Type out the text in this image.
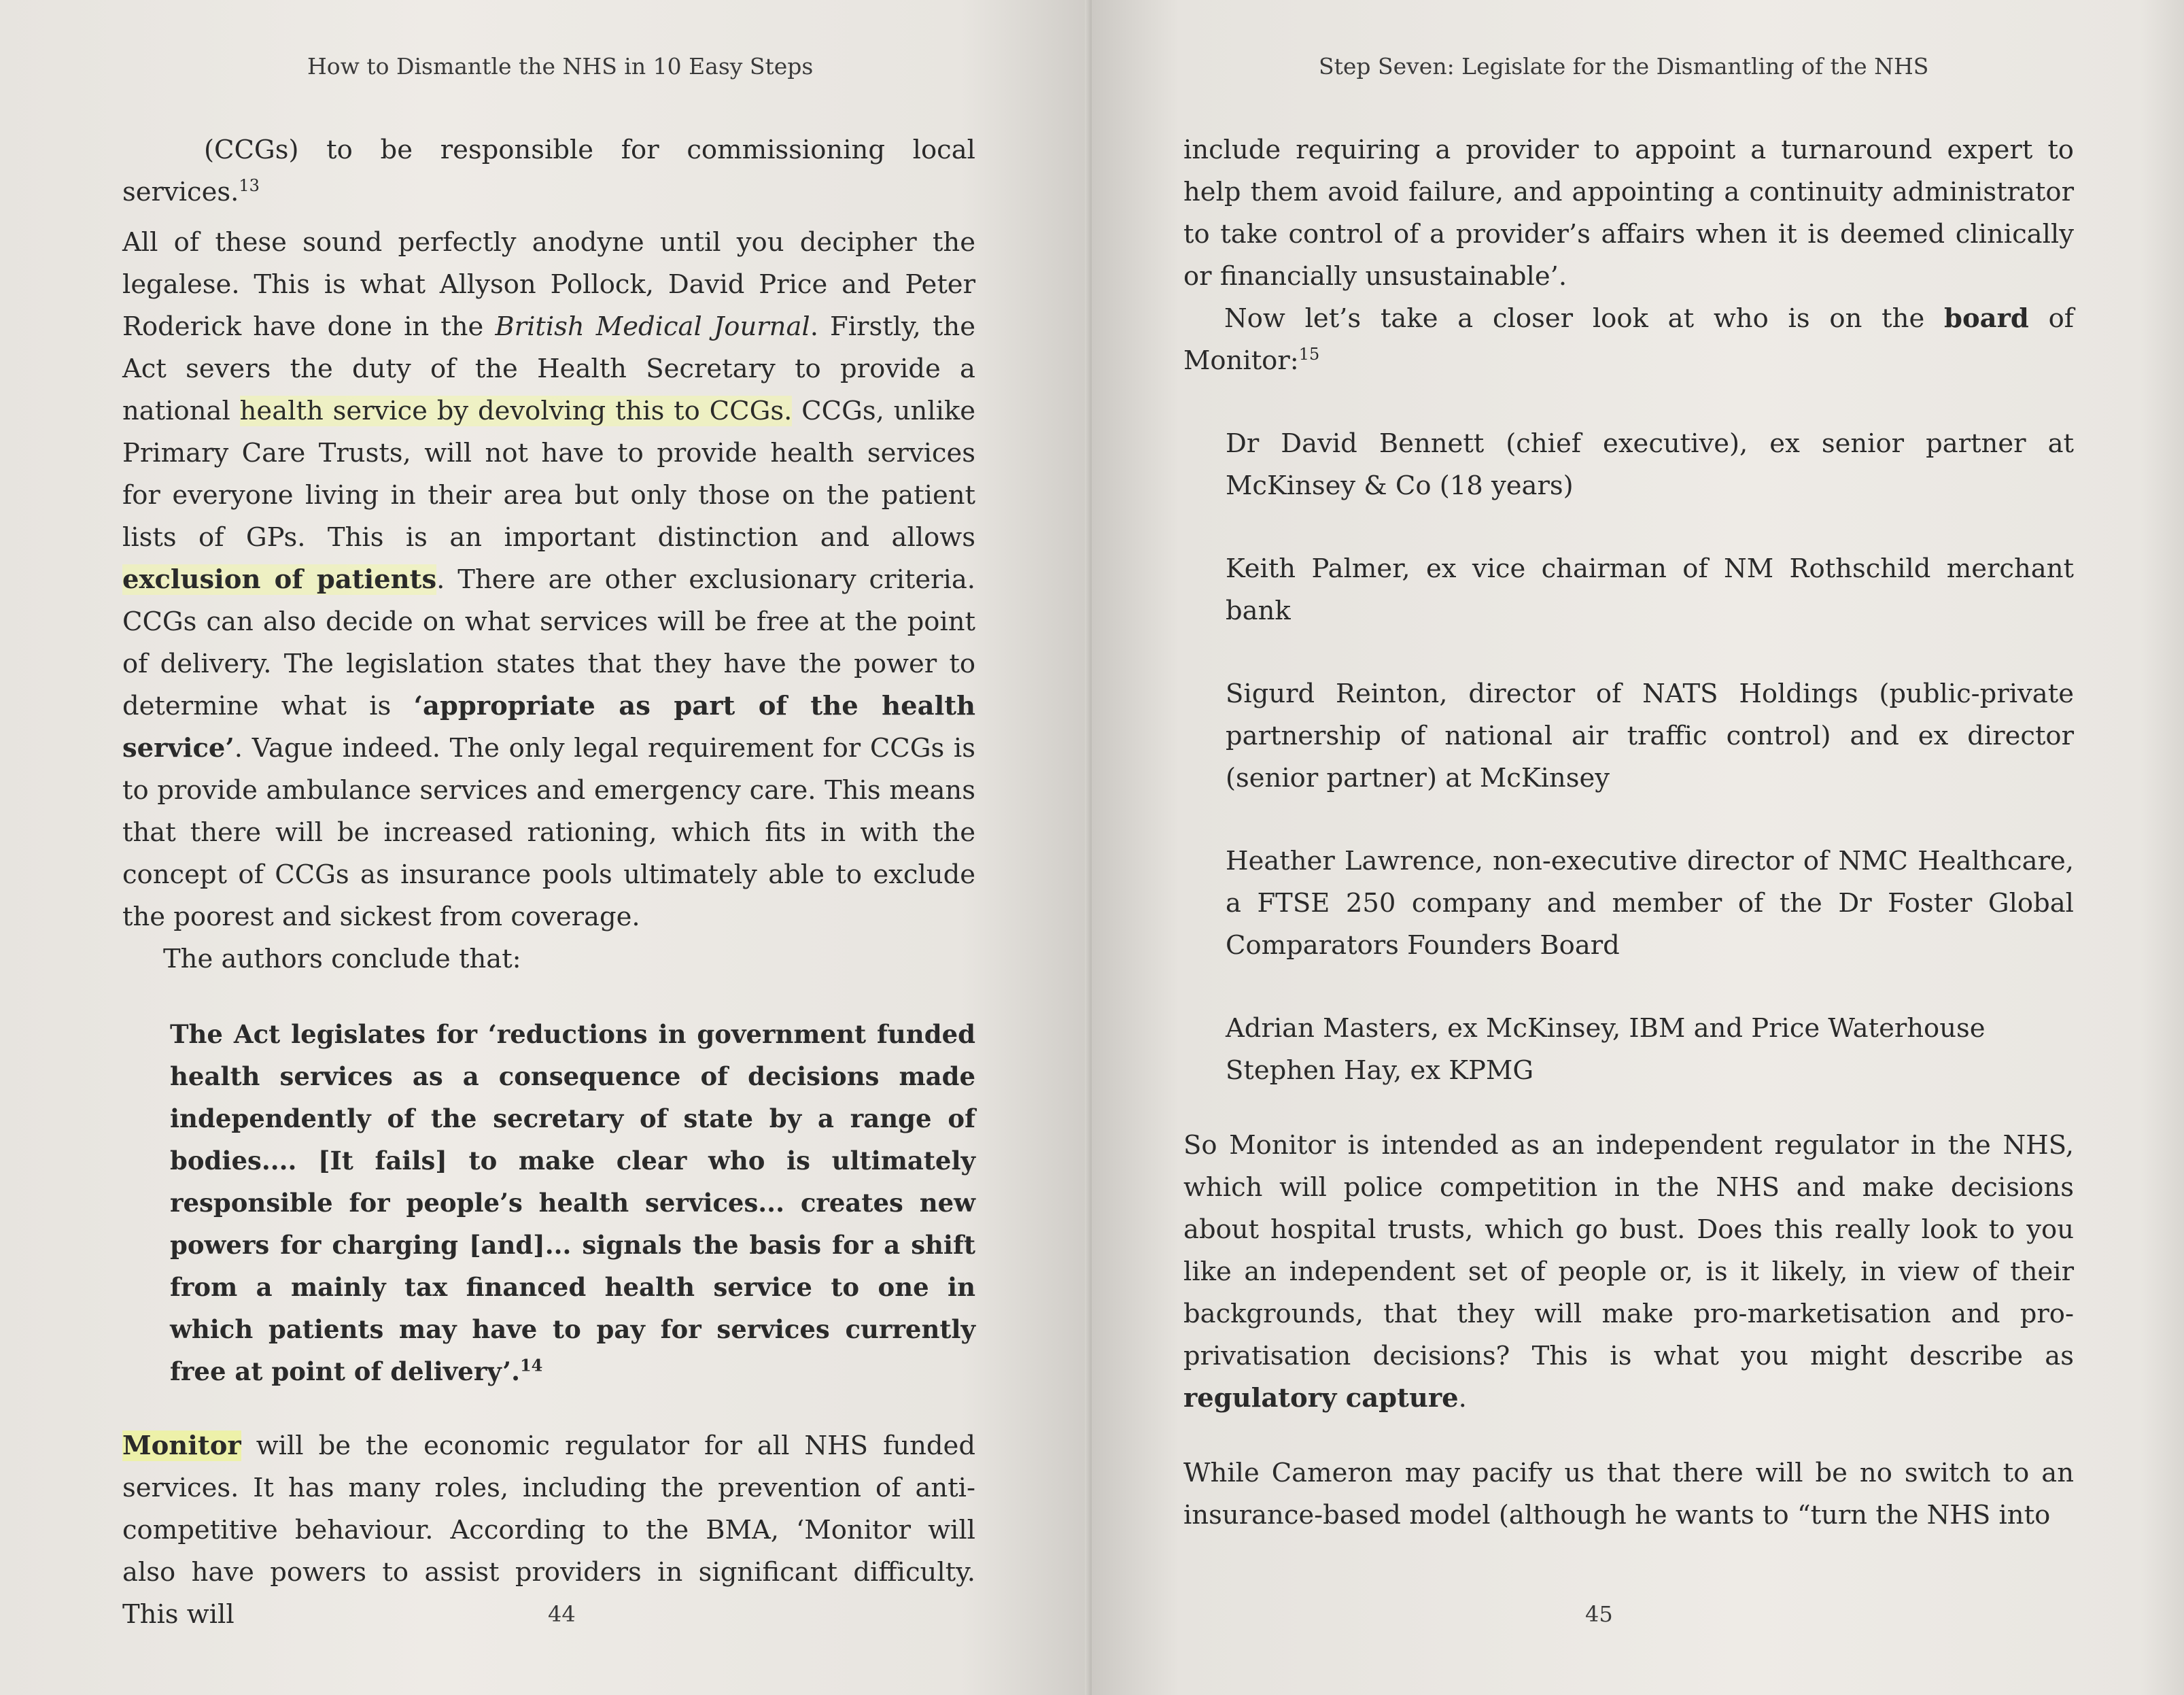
How to Dismantle the NHS in 10 Easy Steps

(CCGs) to be responsible for commissioning local services.$^{13}$

All of these sound perfectly anodyne until you decipher the legalese. This is what Allyson Pollock, David Price and Peter Roderick have done in the British Medical Journal. Firstly, the Act severs the duty of the Health Secretary to provide a national health service by devolving this to CCGs. CCGs, unlike Primary Care Trusts, will not have to provide health services for everyone living in their area but only those on the patient lists of GPs. This is an important distinction and allows exclusion of patients. There are other exclusionary criteria. CCGs can also decide on what services will be free at the point of delivery. The legislation states that they have the power to determine what is ‘appropriate as part of the health service’. Vague indeed. The only legal requirement for CCGs is to provide ambulance services and emergency care. This means that there will be increased rationing, which fits in with the concept of CCGs as insurance pools ultimately able to exclude the poorest and sickest from coverage.

The authors conclude that:

The Act legislates for ‘reductions in government funded health services as a consequence of decisions made independently of the secretary of state by a range of bodies.... [It fails] to make clear who is ultimately responsible for people’s health services... creates new powers for charging [and]... signals the basis for a shift from a mainly tax financed health service to one in which patients may have to pay for services currently free at point of delivery’.$^{14}$

Monitor will be the economic regulator for all NHS funded services. It has many roles, including the prevention of anti-competitive behaviour. According to the BMA, ‘Monitor will also have powers to assist providers in significant difficulty. This will	44
Step Seven: Legislate for the Dismantling of the NHS

include requiring a provider to appoint a turnaround expert to help them avoid failure, and appointing a continuity administrator to take control of a provider’s affairs when it is deemed clinically or financially unsustainable’.

Now let’s take a closer look at who is on the board of Monitor:$^{15}$

Dr David Bennett (chief executive), ex senior partner at McKinsey & Co (18 years)

Keith Palmer, ex vice chairman of NM Rothschild merchant bank

Sigurd Reinton, director of NATS Holdings (public-private partnership of national air traffic control) and ex director (senior partner) at McKinsey

Heather Lawrence, non-executive director of NMC Healthcare, a FTSE 250 company and member of the Dr Foster Global Comparators Founders Board

Adrian Masters, ex McKinsey, IBM and Price Waterhouse

Stephen Hay, ex KPMG

So Monitor is intended as an independent regulator in the NHS, which will police competition in the NHS and make decisions about hospital trusts, which go bust. Does this really look to you like an independent set of people or, is it likely, in view of their backgrounds, that they will make pro-marketisation and pro-privatisation decisions? This is what you might describe as regulatory capture.

While Cameron may pacify us that there will be no switch to an insurance-based model (although he wants to “turn the NHS into

45
